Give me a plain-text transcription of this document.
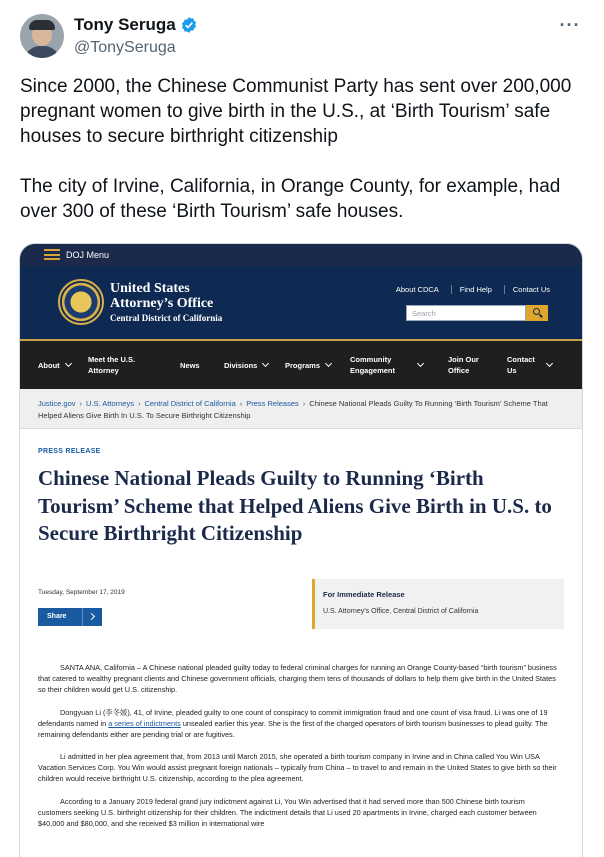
Tony Seruga
@TonySeruga
···

Since 2000, the Chinese Communist Party has sent over 200,000 pregnant women to give birth in the U.S., at ‘Birth Tourism’ safe houses to secure birthright citizenship

The city of Irvine, California, in Orange County, for example, had over 300 of these ‘Birth Tourism’ safe houses.

DOJ Menu
United States
Attorney’s Office
Central District of California
About CDCA	Find Help	Contact Us
Search
About
Meet the U.S. Attorney
News	Divisions	Programs
Community Engagement
Join Our Office
Contact Us
Justice.gov › U.S. Attorneys › Central District of California › Press Releases › Chinese National Pleads Guilty To Running ‘Birth Tourism’ Scheme That Helped Aliens Give Birth In U.S. To Secure Birthright Citizenship
PRESS RELEASE
Chinese National Pleads Guilty to Running ‘Birth Tourism’ Scheme that Helped Aliens Give Birth in U.S. to Secure Birthright Citizenship
Tuesday, September 17, 2019
Share
For Immediate Release
U.S. Attorney’s Office, Central District of California

SANTA ANA, California – A Chinese national pleaded guilty today to federal criminal charges for running an Orange County-based “birth tourism” business that catered to wealthy pregnant clients and Chinese government officials, charging them tens of thousands of dollars to help them give birth in the United States so their children would get U.S. citizenship.

Dongyuan Li (李冬媛), 41, of Irvine, pleaded guilty to one count of conspiracy to commit immigration fraud and one count of visa fraud. Li was one of 19 defendants named in a series of indictments unsealed earlier this year. She is the first of the charged operators of birth tourism businesses to plead guilty. The remaining defendants either are pending trial or are fugitives.

Li admitted in her plea agreement that, from 2013 until March 2015, she operated a birth tourism company in Irvine and in China called You Win USA Vacation Services Corp. You Win would assist pregnant foreign nationals – typically from China – to travel to and remain in the United States to give birth so their children would receive birthright U.S. citizenship, according to the plea agreement.

According to a January 2019 federal grand jury indictment against Li, You Win advertised that it had served more than 500 Chinese birth tourism customers seeking U.S. birthright citizenship for their children. The indictment details that Li used 20 apartments in Irvine, charged each customer between $40,000 and $80,000, and she received $3 million in international wire
